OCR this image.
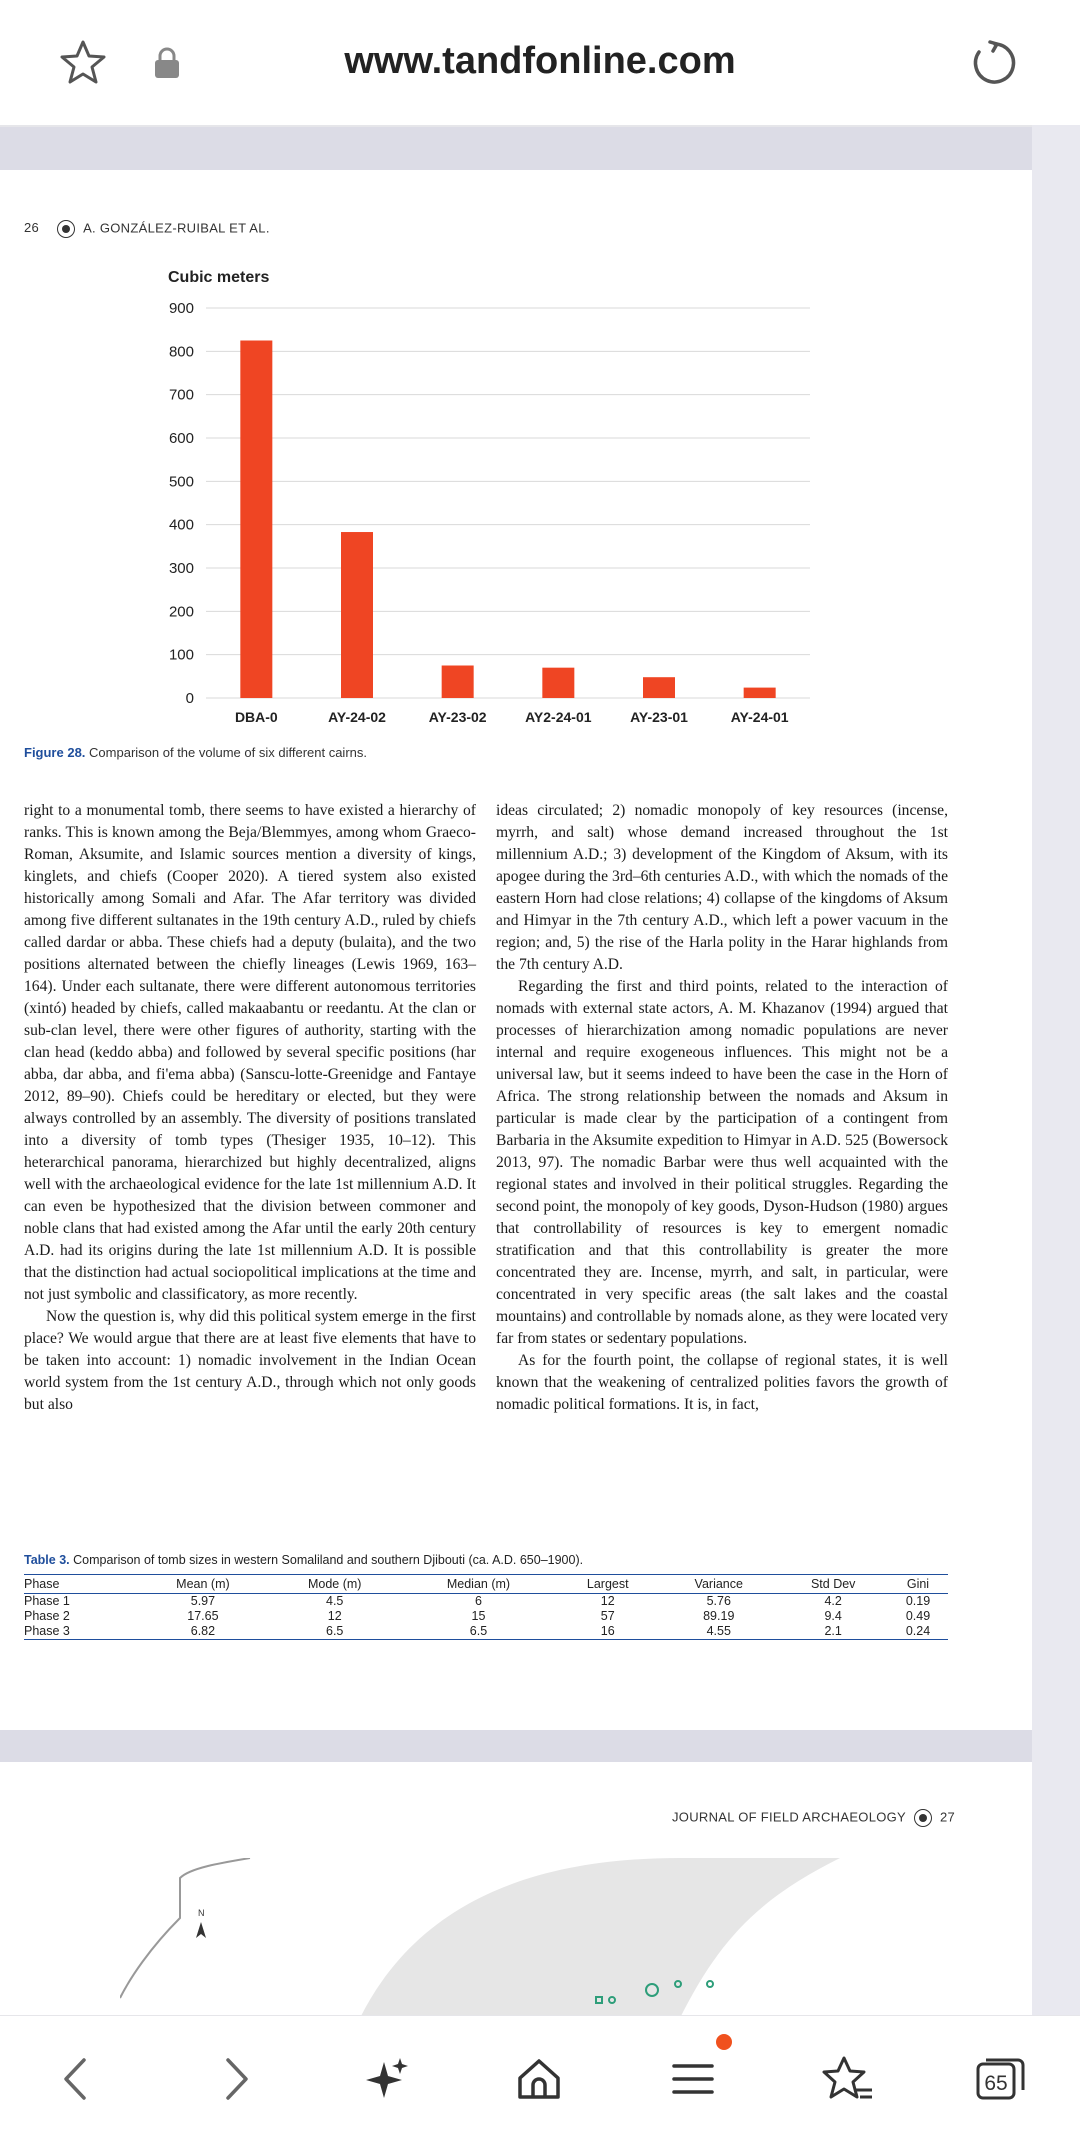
www.tandfonline.com
26	A. GONZÁLEZ-RUIBAL ET AL.
Cubic meters
0
100
200
300
400
500
600
700
800
900
DBA-0	AY-24-02	AY-23-02	AY2-24-01	AY-23-01	AY-24-01
Figure 28. Comparison of the volume of six different cairns.

right to a monumental tomb, there seems to have existed a hierarchy of ranks. This is known among the Beja/Blemmyes, among whom Graeco-Roman, Aksumite, and Islamic sources mention a diversity of kings, kinglets, and chiefs (Cooper 2020). A tiered system also existed historically among Somali and Afar. The Afar territory was divided among five different sultanates in the 19th century A.D., ruled by chiefs called dardar or abba. These chiefs had a deputy (bulaita), and the two positions alternated between the chiefly lineages (Lewis 1969, 163–164). Under each sultanate, there were different autonomous territories (xintó) headed by chiefs, called makaabantu or reedantu. At the clan or sub-clan level, there were other figures of authority, starting with the clan head (keddo abba) and followed by several specific positions (har abba, dar abba, and fi'ema abba) (Sanscu-lotte-Greenidge and Fantaye 2012, 89–90). Chiefs could be hereditary or elected, but they were always controlled by an assembly. The diversity of positions translated into a diversity of tomb types (Thesiger 1935, 10–12). This heterarchical panorama, hierarchized but highly decentralized, aligns well with the archaeological evidence for the late 1st millennium A.D. It can even be hypothesized that the division between commoner and noble clans that had existed among the Afar until the early 20th century A.D. had its origins during the late 1st millennium A.D. It is possible that the distinction had actual sociopolitical implications at the time and not just symbolic and classificatory, as more recently.

Now the question is, why did this political system emerge in the first place? We would argue that there are at least five elements that have to be taken into account: 1) nomadic involvement in the Indian Ocean world system from the 1st century A.D., through which not only goods but also

ideas circulated; 2) nomadic monopoly of key resources (incense, myrrh, and salt) whose demand increased throughout the 1st millennium A.D.; 3) development of the Kingdom of Aksum, with its apogee during the 3rd–6th centuries A.D., with which the nomads of the eastern Horn had close relations; 4) collapse of the kingdoms of Aksum and Himyar in the 7th century A.D., which left a power vacuum in the region; and, 5) the rise of the Harla polity in the Harar highlands from the 7th century A.D.

Regarding the first and third points, related to the interaction of nomads with external state actors, A. M. Khazanov (1994) argued that processes of hierarchization among nomadic populations are never internal and require exogeneous influences. This might not be a universal law, but it seems indeed to have been the case in the Horn of Africa. The strong relationship between the nomads and Aksum in particular is made clear by the participation of a contingent from Barbaria in the Aksumite expedition to Himyar in A.D. 525 (Bowersock 2013, 97). The nomadic Barbar were thus well acquainted with the regional states and involved in their political struggles. Regarding the second point, the monopoly of key goods, Dyson-Hudson (1980) argues that controllability of resources is key to emergent nomadic stratification and that this controllability is greater the more concentrated they are. Incense, myrrh, and salt, in particular, were concentrated in very specific areas (the salt lakes and the coastal mountains) and controllable by nomads alone, as they were located very far from states or sedentary populations.

As for the fourth point, the collapse of regional states, it is well known that the weakening of centralized polities favors the growth of nomadic political formations. It is, in fact,

Table 3. Comparison of tomb sizes in western Somaliland and southern Djibouti (ca. A.D. 650–1900).
Phase	Mean (m)	Mode (m)	Median (m)	Largest	Variance	Std Dev	Gini
Phase 1	5.97	4.5	6	12	5.76	4.2	0.19
Phase 2	17.65	12	15	57	89.19	9.4	0.49
Phase 3	6.82	6.5	6.5	16	4.55	2.1	0.24
JOURNAL OF FIELD ARCHAEOLOGY	27
N
65
